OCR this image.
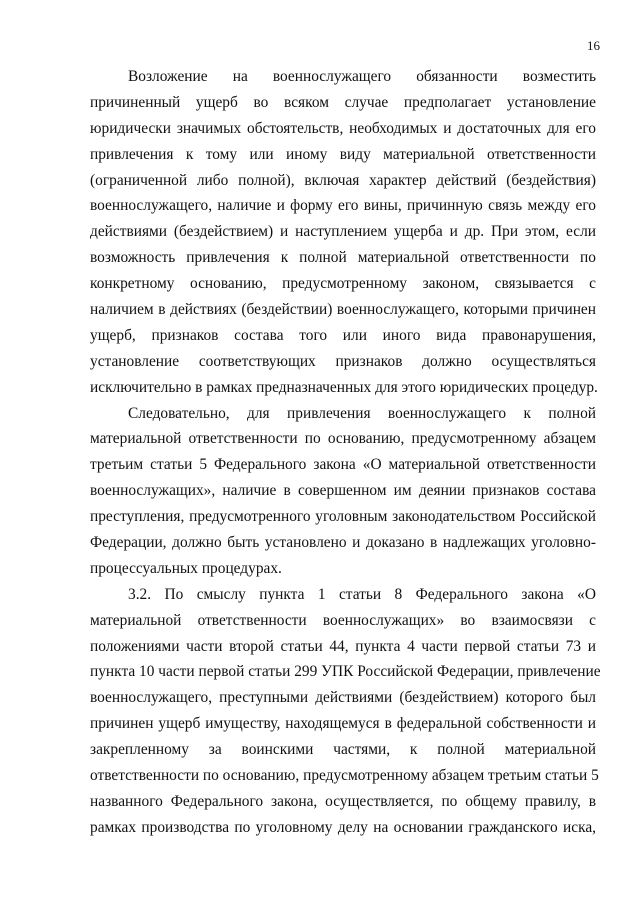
16
Возложение на военнослужащего обязанности возместить
причиненный ущерб во всяком случае предполагает установление
юридически значимых обстоятельств, необходимых и достаточных для его
привлечения к тому или иному виду материальной ответственности
(ограниченной либо полной), включая характер действий (бездействия)
военнослужащего, наличие и форму его вины, причинную связь между его
действиями (бездействием) и наступлением ущерба и др. При этом, если
возможность привлечения к полной материальной ответственности по
конкретному основанию, предусмотренному законом, связывается с
наличием в действиях (бездействии) военнослужащего, которыми причинен
ущерб, признаков состава того или иного вида правонарушения,
установление соответствующих признаков должно осуществляться
исключительно в рамках предназначенных для этого юридических процедур.
Следовательно, для привлечения военнослужащего к полной
материальной ответственности по основанию, предусмотренному абзацем
третьим статьи 5 Федерального закона «О материальной ответственности
военнослужащих», наличие в совершенном им деянии признаков состава
преступления, предусмотренного уголовным законодательством Российской
Федерации, должно быть установлено и доказано в надлежащих уголовно-
процессуальных процедурах.
3.2. По смыслу пункта 1 статьи 8 Федерального закона «О
материальной ответственности военнослужащих» во взаимосвязи с
положениями части второй статьи 44, пункта 4 части первой статьи 73 и
пункта 10 части первой статьи 299 УПК Российской Федерации, привлечение
военнослужащего, преступными действиями (бездействием) которого был
причинен ущерб имуществу, находящемуся в федеральной собственности и
закрепленному за воинскими частями, к полной материальной
ответственности по основанию, предусмотренному абзацем третьим статьи 5
названного Федерального закона, осуществляется, по общему правилу, в
рамках производства по уголовному делу на основании гражданского иска,
